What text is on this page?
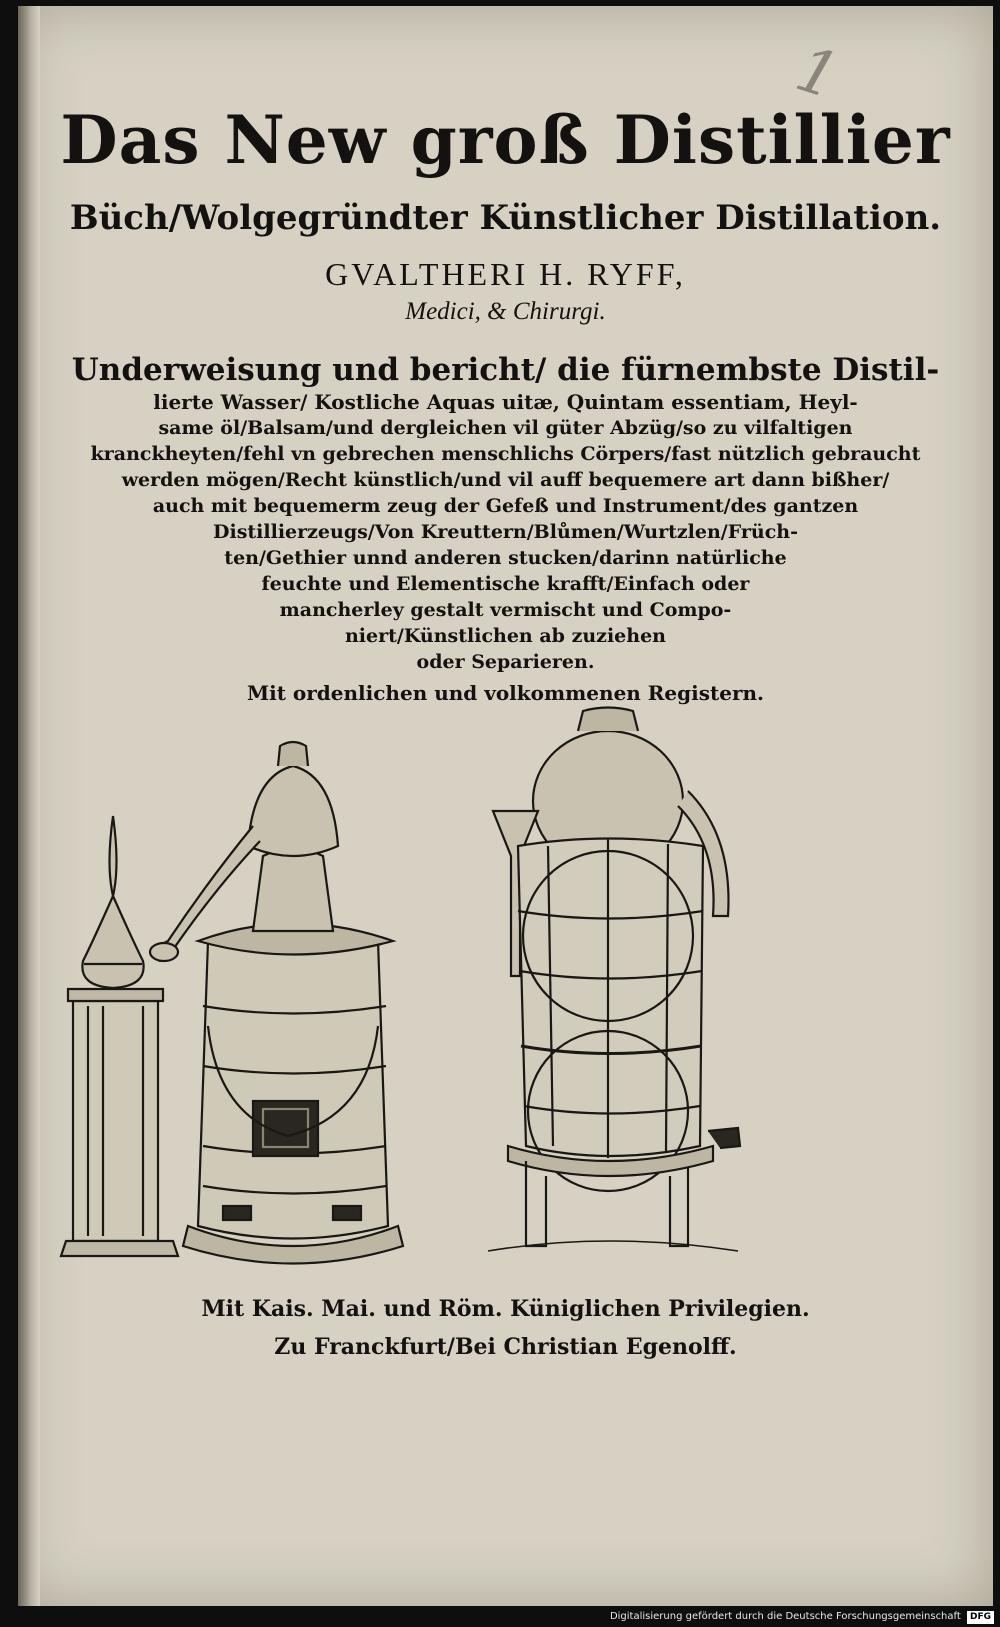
1
Das New groß Distillier
Büch/Wolgegründter Künstlicher Distillation.
GVALTHERI H. RYFF,
Medici, & Chirurgi.
Underweisung und bericht/ die fürnembste Distil-
lierte Wasser/ Kostliche Aquas uitæ, Quintam essentiam, Heyl-
same öl/Balsam/und dergleichen vil güter Abzüg/so zu vilfaltigen
kranckheyten/fehl vn gebrechen menschlichs Cörpers/fast nützlich gebraucht
werden mögen/Recht künstlich/und vil auff bequemere art dann bißher/
auch mit bequemerm zeug der Gefeß und Instrument/des gantzen
Distillierzeugs/Von Kreuttern/Blůmen/Wurtzlen/Früch-
ten/Gethier unnd anderen stucken/darinn natürliche
feuchte und Elementische krafft/Einfach oder
mancherley gestalt vermischt und Compo-
niert/Künstlichen ab zuziehen
oder Separieren.
Mit ordenlichen und volkommenen Registern.
Mit Kais. Mai. und Röm. Küniglichen Privilegien.
Zu Franckfurt/Bei Christian Egenolff.
Digitalisierung gefördert durch die Deutsche Forschungsgemeinschaft DFG
